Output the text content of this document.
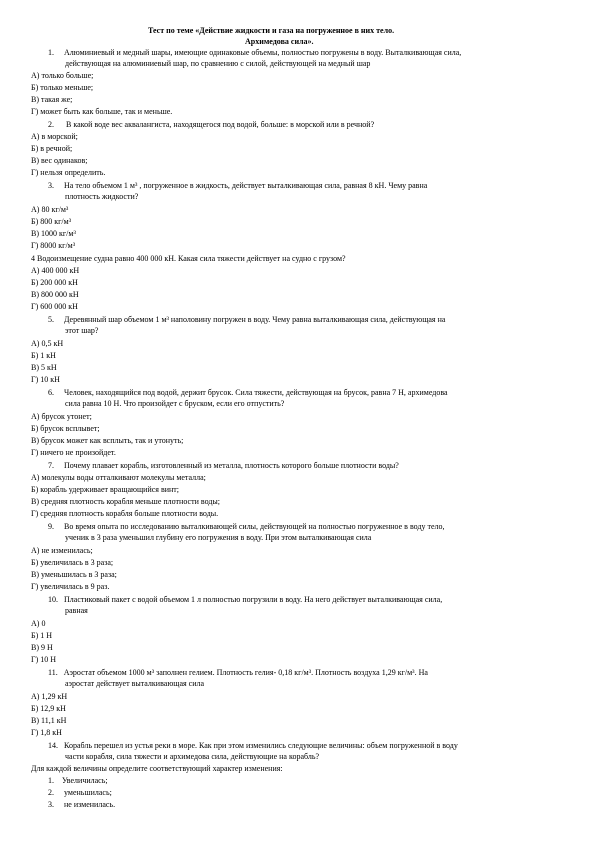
Тест по теме «Действие жидкости и газа на погруженное в них тело.
Архимедова сила».
1.     Алюминиевый и медный шары, имеющие одинаковые объемы, полностью погружены в воду. Выталкивающая сила,
действующая на алюминиевый шар, по сравнению с силой, действующей на медный шар
А) только больше;
Б) только меньше;
В) такая же;
Г) может быть как больше, так и меньше.
2.      В какой воде вес аквалангиста, находящегося под водой, больше: в морской или в речной?
А) в морской;
Б) в речной;
В) вес одинаков;
Г) нельзя определить.
3.     На тело объемом 1 м³ , погруженное в жидкость, действует выталкивающая сила, равная 8 кН. Чему равна
плотность жидкости?
А) 80 кг/м³
Б) 800 кг/м³
В) 1000 кг/м³
Г) 8000 кг/м³
4 Водоизмещение судна равно 400 000 кН. Какая сила тяжести действует на судно с грузом?
А) 400 000 кН
Б) 200 000 кН
В) 800 000 кН
Г) 600 000 кН
5.     Деревянный шар объемом 1 м³ наполовину погружен в воду. Чему равна выталкивающая сила, действующая на
этот шар?
А) 0,5 кН
Б) 1 кН
В) 5 кН
Г) 10 кН
6.     Человек, находящийся под водой, держит брусок. Сила тяжести, действующая на брусок, равна 7 Н, архимедова
сила равна 10 Н. Что произойдет с бруском, если его отпустить?
А) брусок утонет;
Б) брусок всплывет;
В) брусок может как всплыть, так и утонуть;
Г) ничего не произойдет.
7.     Почему плавает корабль, изготовленный из металла, плотность которого больше плотности воды?
А) молекулы воды отталкивают молекулы металла;
Б) корабль удерживает вращающийся винт;
В) средняя плотность корабля меньше плотности воды;
Г) средняя плотность корабля больше плотности воды.
9.     Во время опыта по исследованию выталкивающей силы, действующей на полностью погруженное в воду тело,
ученик в 3 раза уменьшил глубину его погружения в воду. При этом выталкивающая сила
А) не изменилась;
Б) увеличилась в 3 раза;
В) уменьшилась в 3 раза;
Г) увеличилась в 9 раз.
10.   Пластиковый пакет с водой объемом 1 л полностью погрузили в воду. На него действует выталкивающая сила,
равная
А) 0
Б) 1 Н
В) 9 Н
Г) 10 Н
11.   Аэростат объемом 1000 м³ заполнен гелием. Плотность гелия- 0,18 кг/м³. Плотность воздуха 1,29 кг/м³. На
аэростат действует выталкивающая сила
А) 1,29 кН
Б) 12,9 кН
В) 11,1 кН
Г) 1,8 кН
14.   Корабль перешел из устья реки в море. Как при этом изменились следующие величины: объем погруженной в воду
части корабля, сила тяжести и архимедова сила, действующие на корабль?
Для каждой величины определите соответствующий характер изменения:
1.    Увеличилась;
2.     уменьшилась;
3.     не изменилась.
